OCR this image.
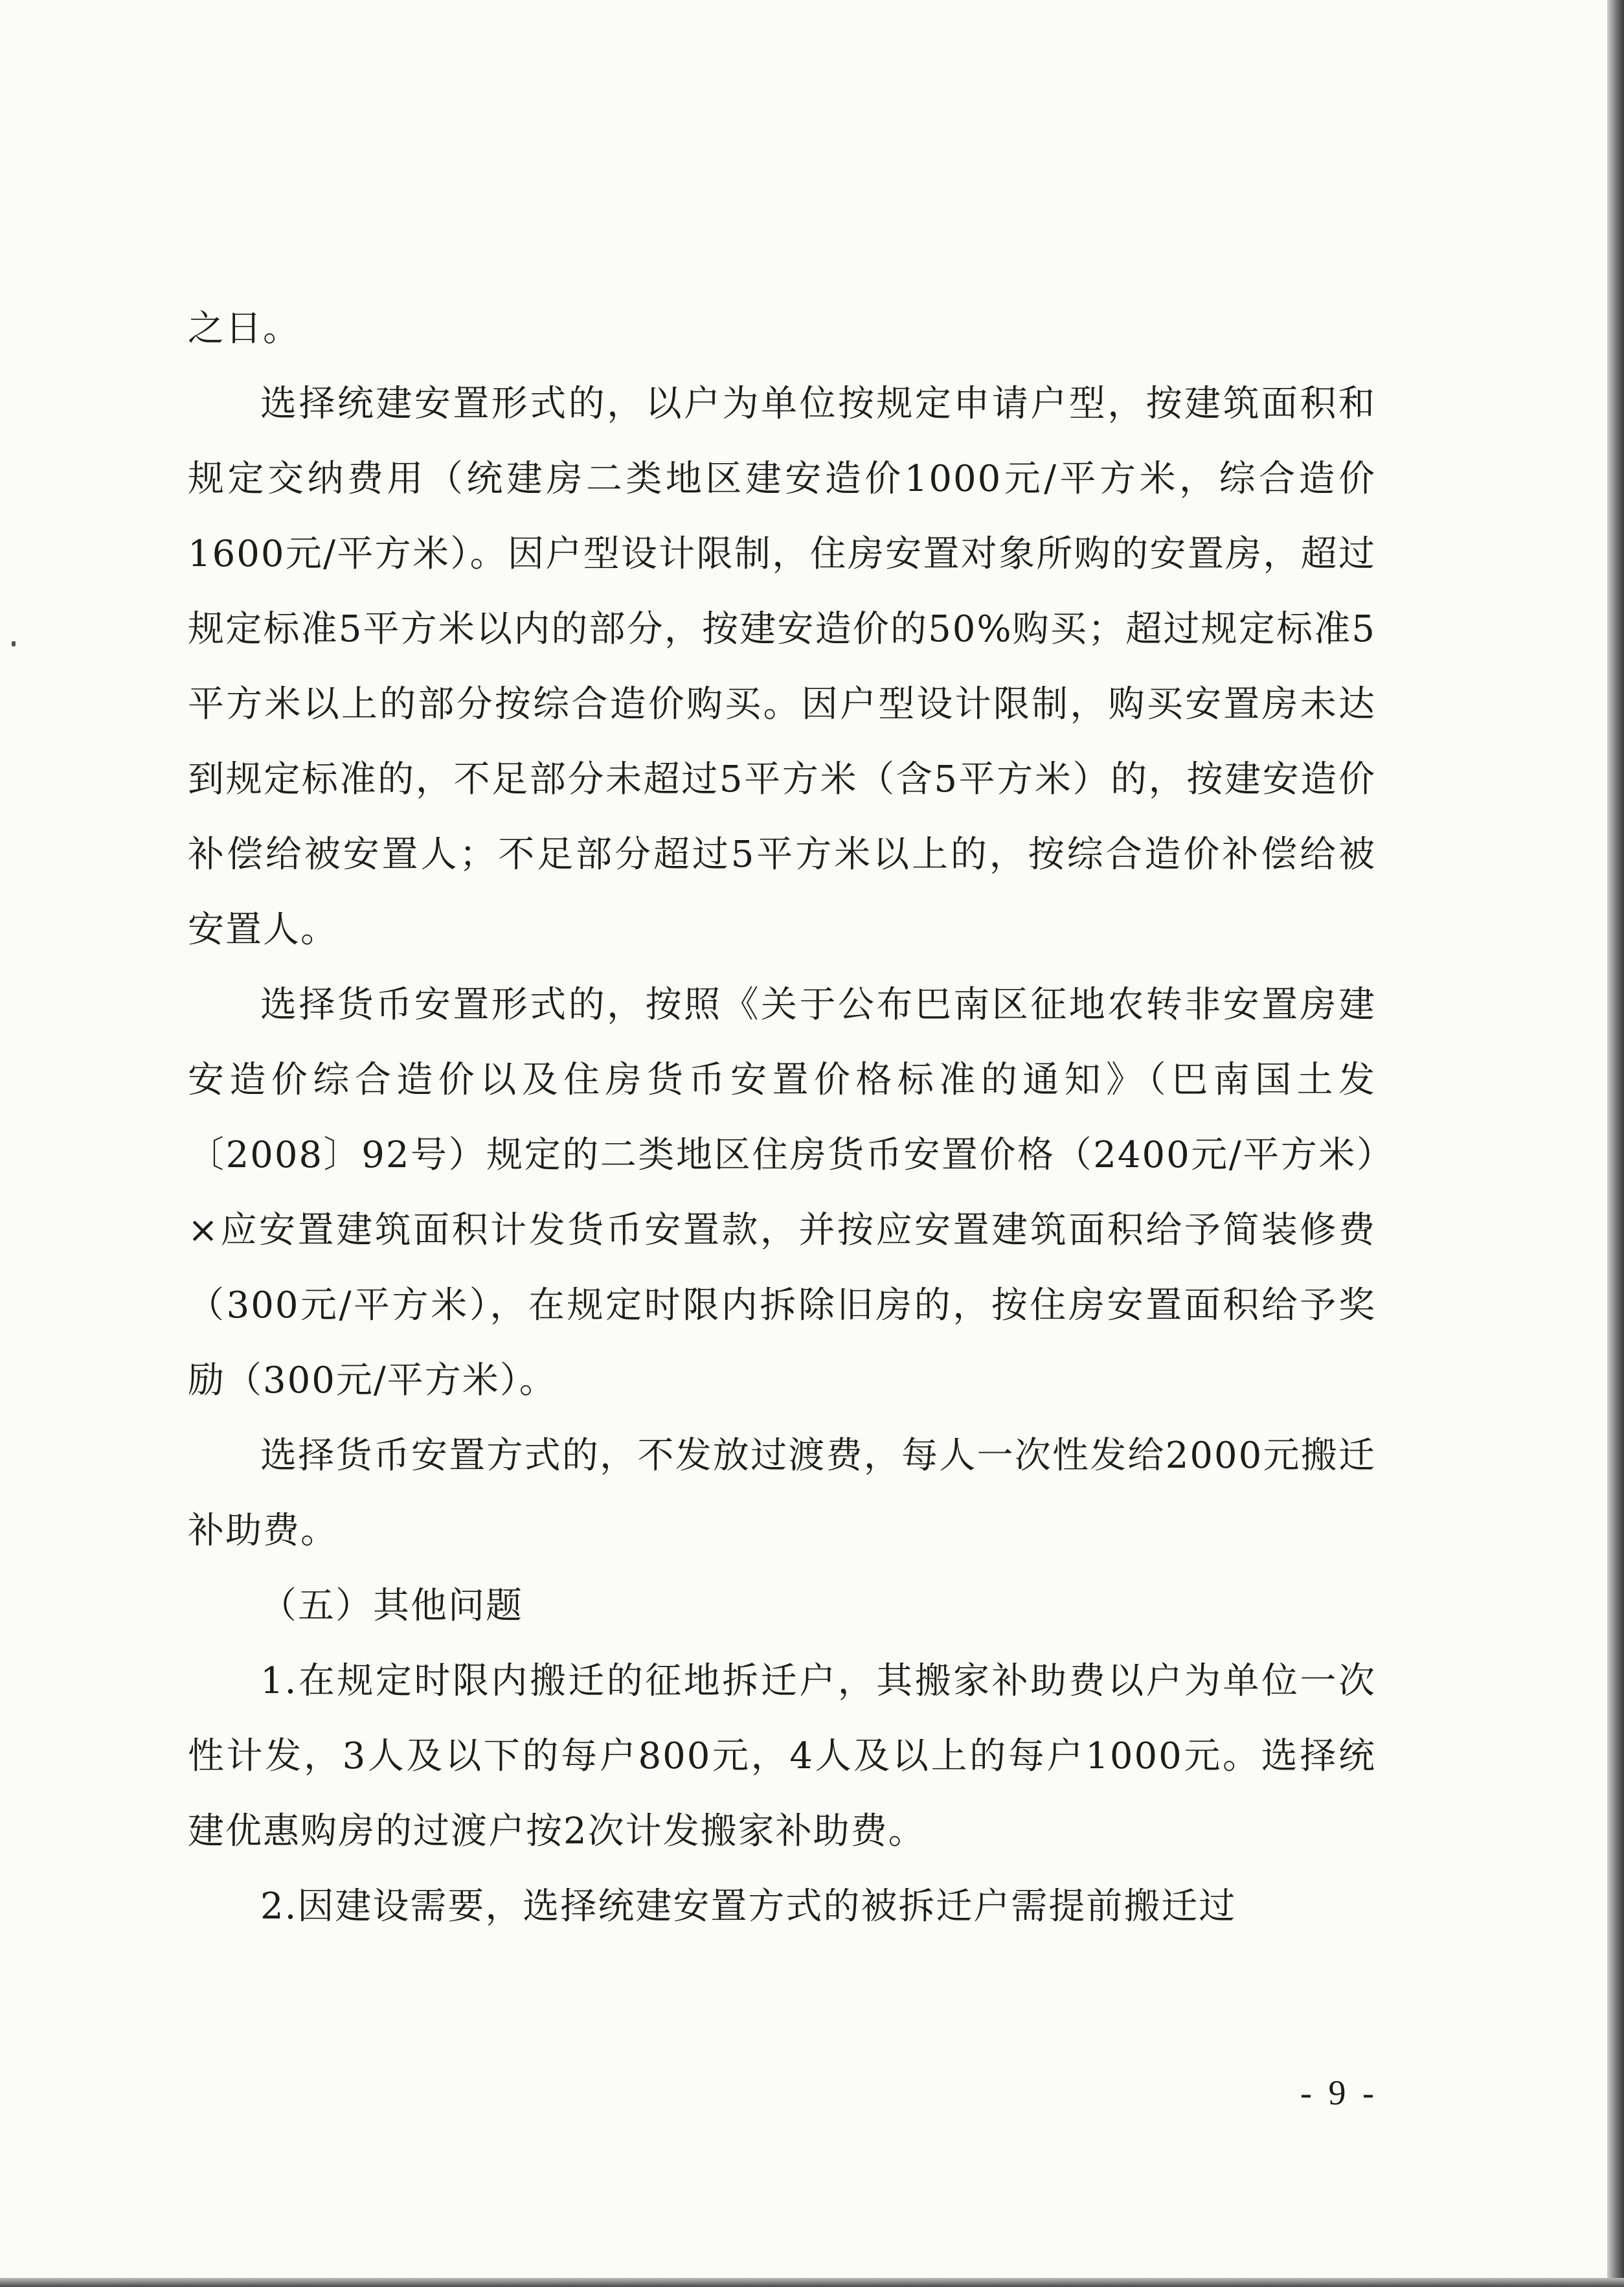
之日。

选择统建安置形式的，以户为单位按规定申请户型，按建筑面积和规定交纳费用（统建房二类地区建安造价1000元/平方米，综合造价1600元/平方米）。因户型设计限制，住房安置对象所购的安置房，超过规定标准5平方米以内的部分，按建安造价的50%购买；超过规定标准5平方米以上的部分按综合造价购买。因户型设计限制，购买安置房未达到规定标准的，不足部分未超过5平方米（含5平方米）的，按建安造价补偿给被安置人；不足部分超过5平方米以上的，按综合造价补偿给被安置人。

选择货币安置形式的，按照《关于公布巴南区征地农转非安置房建安造价综合造价以及住房货币安置价格标准的通知》（巴南国土发〔2008〕92号）规定的二类地区住房货币安置价格（2400元/平方米）×应安置建筑面积计发货币安置款，并按应安置建筑面积给予简装修费（300元/平方米），在规定时限内拆除旧房的，按住房安置面积给予奖励（300元/平方米）。

选择货币安置方式的，不发放过渡费，每人一次性发给2000元搬迁补助费。

（五）其他问题

1.在规定时限内搬迁的征地拆迁户，其搬家补助费以户为单位一次性计发，3人及以下的每户800元，4人及以上的每户1000元。选择统建优惠购房的过渡户按2次计发搬家补助费。

2.因建设需要，选择统建安置方式的被拆迁户需提前搬迁过

- 9 -
